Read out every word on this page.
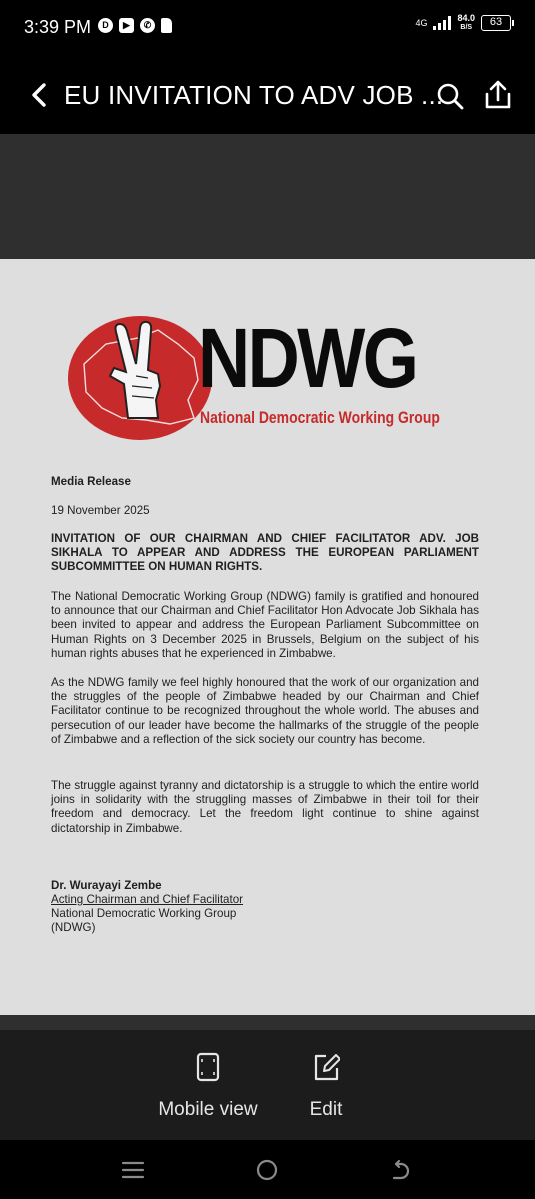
3:39 PM	D	▶	✆	4G	84.0
B/S	63
EU INVITATION TO ADV JOB ...
NDWG
National Democratic Working Group
Media Release
19 November 2025
INVITATION OF OUR CHAIRMAN AND CHIEF FACILITATOR ADV. JOB SIKHALA TO APPEAR AND ADDRESS THE EUROPEAN PARLIAMENT SUBCOMMITTEE ON HUMAN RIGHTS.
The National Democratic Working Group (NDWG) family is gratified and honoured to announce that our Chairman and Chief Facilitator Hon Advocate Job Sikhala has been invited to appear and address the European Parliament Subcommittee on Human Rights on 3 December 2025 in Brussels, Belgium on the subject of his human rights abuses that he experienced in Zimbabwe.
As the NDWG family we feel highly honoured that the work of our organization and the struggles of the people of Zimbabwe headed by our Chairman and Chief Facilitator continue to be recognized throughout the whole world. The abuses and persecution of our leader have become the hallmarks of the struggle of the people of Zimbabwe and a reflection of the sick society our country has become.
The struggle against tyranny and dictatorship is a struggle to which the entire world joins in solidarity with the struggling masses of Zimbabwe in their toil for their freedom and democracy. Let the freedom light continue to shine against dictatorship in Zimbabwe.
Dr. Wurayayi Zembe
Acting Chairman and Chief Facilitator
National Democratic Working Group
(NDWG)
Mobile view	Edit
